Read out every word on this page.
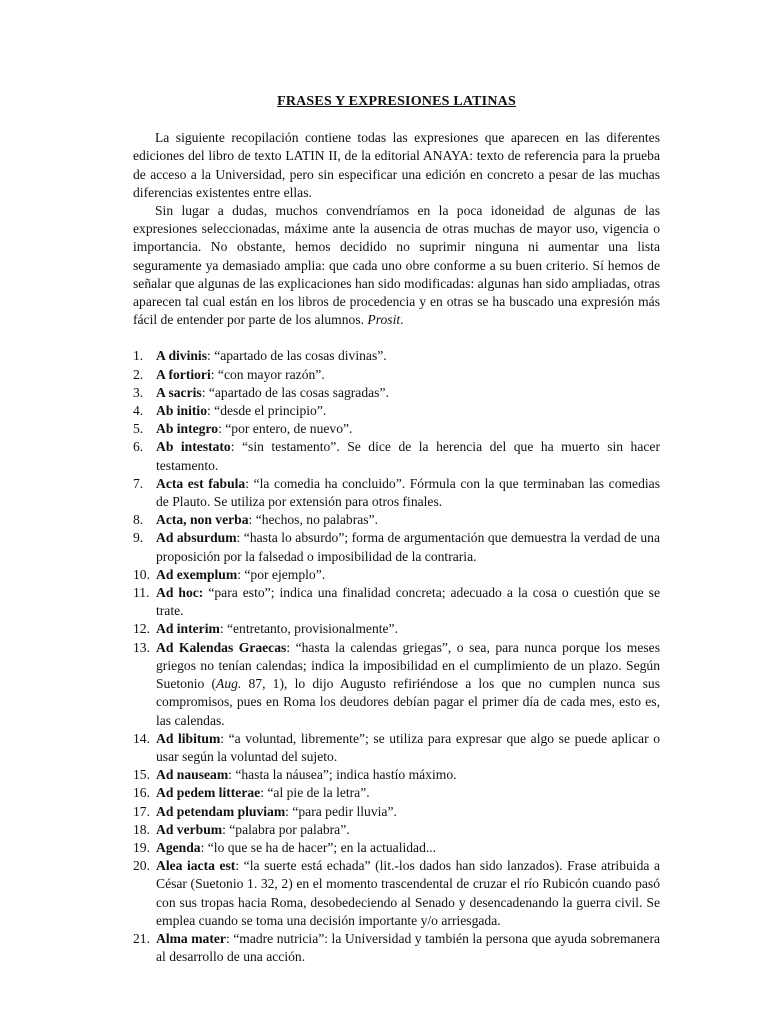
FRASES Y EXPRESIONES LATINAS

La siguiente recopilación contiene todas las expresiones que aparecen en las diferentes ediciones del libro de texto LATIN II, de la editorial ANAYA: texto de referencia para la prueba de acceso a la Universidad, pero sin especificar una edición en concreto a pesar de las muchas diferencias existentes entre ellas.

Sin lugar a dudas, muchos convendríamos en la poca idoneidad de algunas de las expresiones seleccionadas, máxime ante la ausencia de otras muchas de mayor uso, vigencia o importancia. No obstante, hemos decidido no suprimir ninguna ni aumentar una lista seguramente ya demasiado amplia: que cada uno obre conforme a su buen criterio. Sí hemos de señalar que algunas de las explicaciones han sido modificadas: algunas han sido ampliadas, otras aparecen tal cual están en los libros de procedencia y en otras se ha buscado una expresión más fácil de entender por parte de los alumnos. Prosit.

1. A divinis: “apartado de las cosas divinas”.
2. A fortiori: “con mayor razón”.
3. A sacris: “apartado de las cosas sagradas”.
4. Ab initio: “desde el principio”.
5. Ab integro: “por entero, de nuevo”.
6. Ab intestato: “sin testamento”. Se dice de la herencia del que ha muerto sin hacer testamento.
7. Acta est fabula: “la comedia ha concluido”. Fórmula con la que terminaban las comedias de Plauto. Se utiliza por extensión para otros finales.
8. Acta, non verba: “hechos, no palabras”.
9. Ad absurdum: “hasta lo absurdo”; forma de argumentación que demuestra la verdad de una proposición por la falsedad o imposibilidad de la contraria.
10. Ad exemplum: “por ejemplo”.
11. Ad hoc: “para esto”; indica una finalidad concreta; adecuado a la cosa o cuestión que se trate.
12. Ad interim: “entretanto, provisionalmente”.
13. Ad Kalendas Graecas: “hasta la calendas griegas”, o sea, para nunca porque los meses griegos no tenían calendas; indica la imposibilidad en el cumplimiento de un plazo. Según Suetonio (Aug. 87, 1), lo dijo Augusto refiriéndose a los que no cumplen nunca sus compromisos, pues en Roma los deudores debían pagar el primer día de cada mes, esto es, las calendas.
14. Ad libitum: “a voluntad, libremente”; se utiliza para expresar que algo se puede aplicar o usar según la voluntad del sujeto.
15. Ad nauseam: “hasta la náusea”; indica hastío máximo.
16. Ad pedem litterae: “al pie de la letra”.
17. Ad petendam pluviam: “para pedir lluvia”.
18. Ad verbum: “palabra por palabra”.
19. Agenda: “lo que se ha de hacer”; en la actualidad...
20. Alea iacta est: “la suerte está echada” (lit.-los dados han sido lanzados). Frase atribuida a César (Suetonio 1. 32, 2) en el momento trascendental de cruzar el río Rubicón cuando pasó con sus tropas hacia Roma, desobedeciendo al Senado y desencadenando la guerra civil. Se emplea cuando se toma una decisión importante y/o arriesgada.
21. Alma mater: “madre nutricia”: la Universidad y también la persona que ayuda sobremanera al desarrollo de una acción.
